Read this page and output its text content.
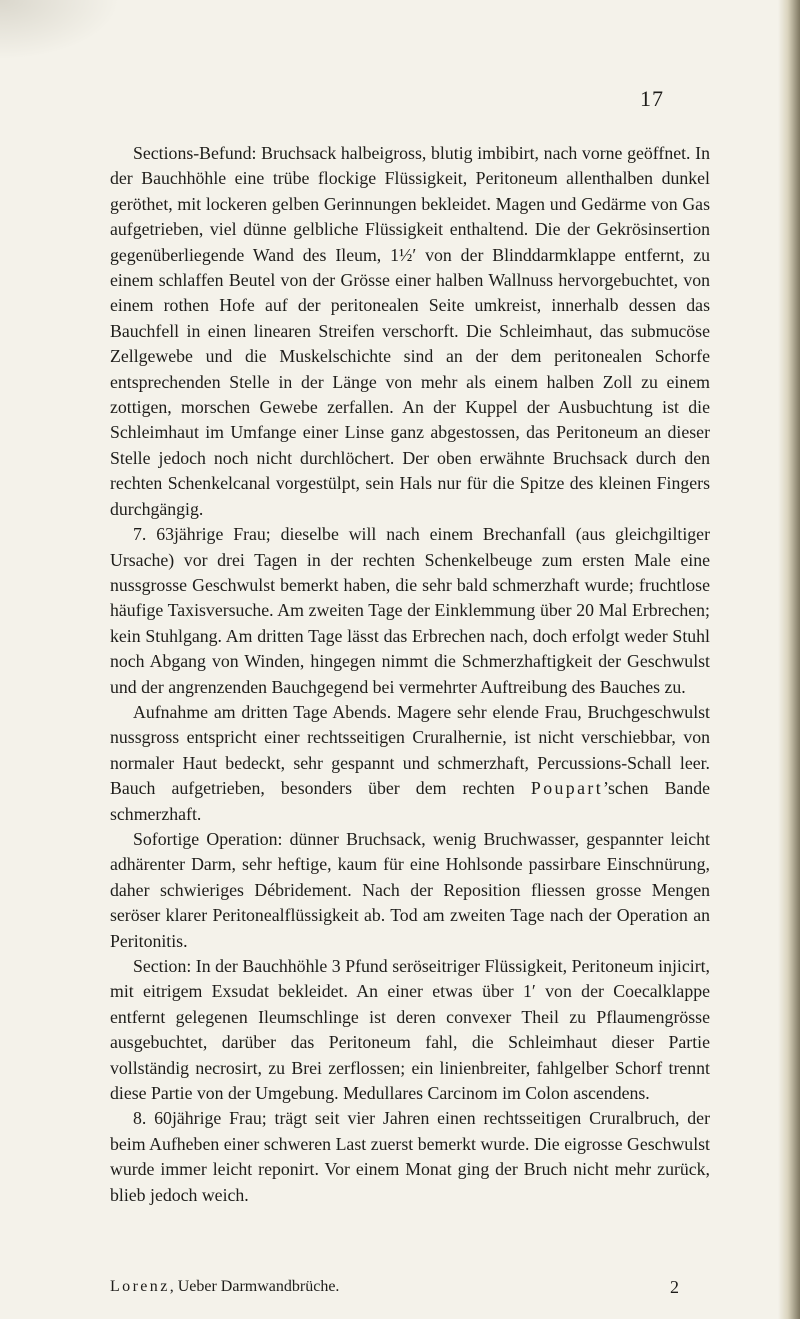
17

Sections-Befund: Bruchsack halbeigross, blutig imbibirt, nach vorne geöffnet. In der Bauchhöhle eine trübe flockige Flüssigkeit, Peritoneum allenthalben dunkel geröthet, mit lockeren gelben Gerinnungen bekleidet. Magen und Gedärme von Gas aufgetrieben, viel dünne gelbliche Flüssigkeit enthaltend. Die der Gekrösinsertion gegenüberliegende Wand des Ileum, 1½′ von der Blinddarmklappe entfernt, zu einem schlaffen Beutel von der Grösse einer halben Wallnuss hervorgebuchtet, von einem rothen Hofe auf der peritonealen Seite umkreist, innerhalb dessen das Bauchfell in einen linearen Streifen verschorft. Die Schleimhaut, das submucöse Zellgewebe und die Muskelschichte sind an der dem peritonealen Schorfe entsprechenden Stelle in der Länge von mehr als einem halben Zoll zu einem zottigen, morschen Gewebe zerfallen. An der Kuppel der Ausbuchtung ist die Schleimhaut im Umfange einer Linse ganz abgestossen, das Peritoneum an dieser Stelle jedoch noch nicht durchlöchert. Der oben erwähnte Bruchsack durch den rechten Schenkelcanal vorgestülpt, sein Hals nur für die Spitze des kleinen Fingers durchgängig.

7. 63jährige Frau; dieselbe will nach einem Brechanfall (aus gleichgiltiger Ursache) vor drei Tagen in der rechten Schenkelbeuge zum ersten Male eine nussgrosse Geschwulst bemerkt haben, die sehr bald schmerzhaft wurde; fruchtlose häufige Taxisversuche. Am zweiten Tage der Einklemmung über 20 Mal Erbrechen; kein Stuhlgang. Am dritten Tage lässt das Erbrechen nach, doch erfolgt weder Stuhl noch Abgang von Winden, hingegen nimmt die Schmerzhaftigkeit der Geschwulst und der angrenzenden Bauchgegend bei vermehrter Auftreibung des Bauches zu.

Aufnahme am dritten Tage Abends. Magere sehr elende Frau, Bruchgeschwulst nussgross entspricht einer rechtsseitigen Cruralhernie, ist nicht verschiebbar, von normaler Haut bedeckt, sehr gespannt und schmerzhaft, Percussions-Schall leer. Bauch aufgetrieben, besonders über dem rechten Poupart’schen Bande schmerzhaft.

Sofortige Operation: dünner Bruchsack, wenig Bruchwasser, gespannter leicht adhärenter Darm, sehr heftige, kaum für eine Hohlsonde passirbare Einschnürung, daher schwieriges Débridement. Nach der Reposition fliessen grosse Mengen seröser klarer Peritonealflüssigkeit ab. Tod am zweiten Tage nach der Operation an Peritonitis.

Section: In der Bauchhöhle 3 Pfund seröseitriger Flüssigkeit, Peritoneum injicirt, mit eitrigem Exsudat bekleidet. An einer etwas über 1′ von der Coecalklappe entfernt gelegenen Ileumschlinge ist deren convexer Theil zu Pflaumengrösse ausgebuchtet, darüber das Peritoneum fahl, die Schleimhaut dieser Partie vollständig necrosirt, zu Brei zerflossen; ein linienbreiter, fahlgelber Schorf trennt diese Partie von der Umgebung. Medullares Carcinom im Colon ascendens.

8. 60jährige Frau; trägt seit vier Jahren einen rechtsseitigen Cruralbruch, der beim Aufheben einer schweren Last zuerst bemerkt wurde. Die eigrosse Geschwulst wurde immer leicht reponirt. Vor einem Monat ging der Bruch nicht mehr zurück, blieb jedoch weich.

Lorenz, Ueber Darmwandbrüche.	2
